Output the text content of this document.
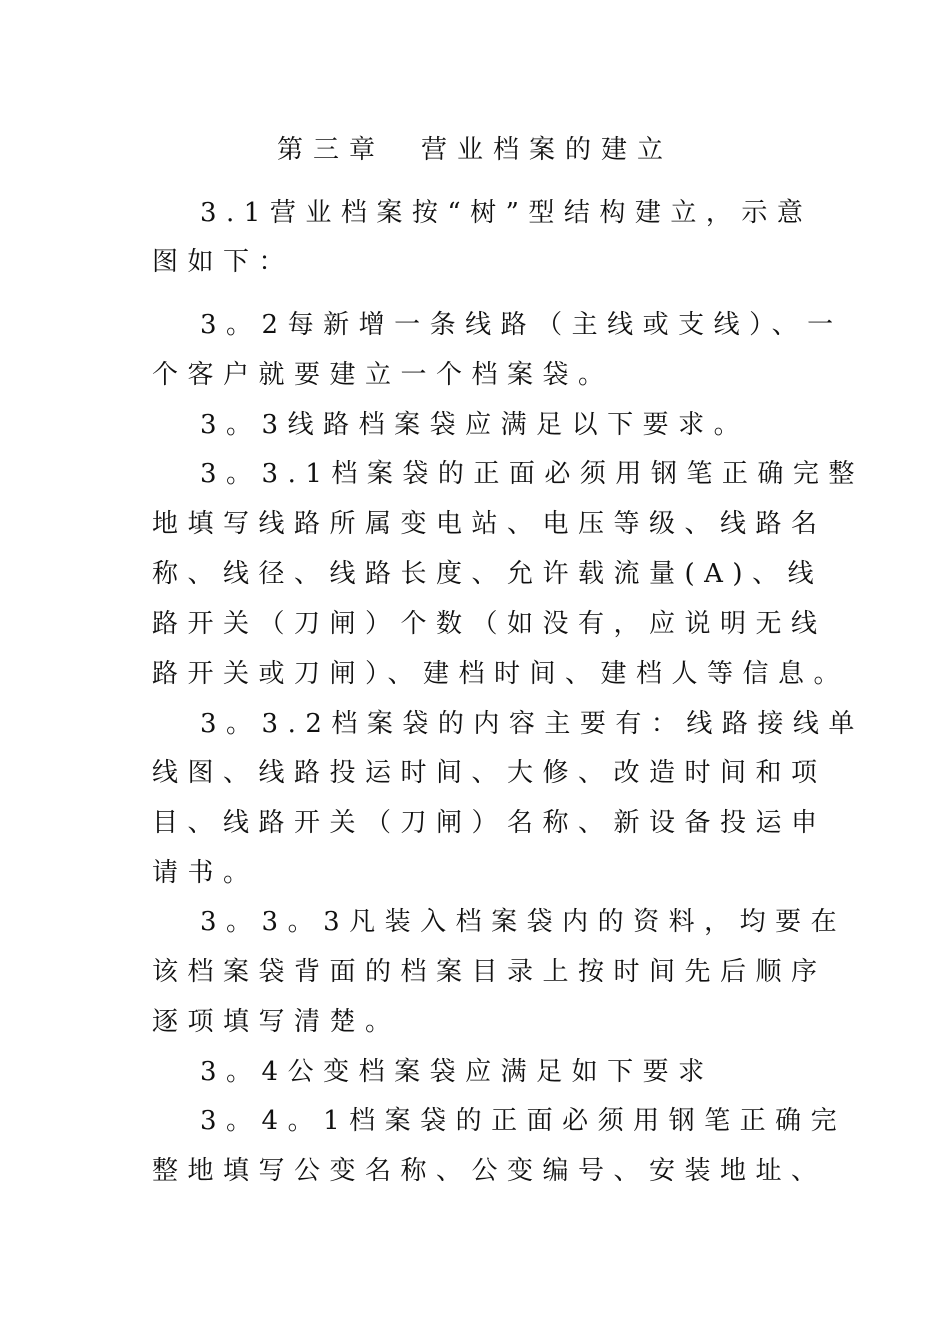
第三章　营业档案的建立
3.1营业档案按“树”型结构建立，示意
图如下：
3。2每新增一条线路（主线或支线）、一
个客户就要建立一个档案袋。
3。3线路档案袋应满足以下要求。
3。3.1档案袋的正面必须用钢笔正确完整
地填写线路所属变电站、电压等级、线路名
称、线径、线路长度、允许载流量(A)、线
路开关（刀闸）个数（如没有，应说明无线
路开关或刀闸）、建档时间、建档人等信息。
3。3.2档案袋的内容主要有：线路接线单
线图、线路投运时间、大修、改造时间和项
目、线路开关（刀闸）名称、新设备投运申
请书。
3。3。3凡装入档案袋内的资料，均要在
该档案袋背面的档案目录上按时间先后顺序
逐项填写清楚。
3。4公变档案袋应满足如下要求
3。4。1档案袋的正面必须用钢笔正确完
整地填写公变名称、公变编号、安装地址、
